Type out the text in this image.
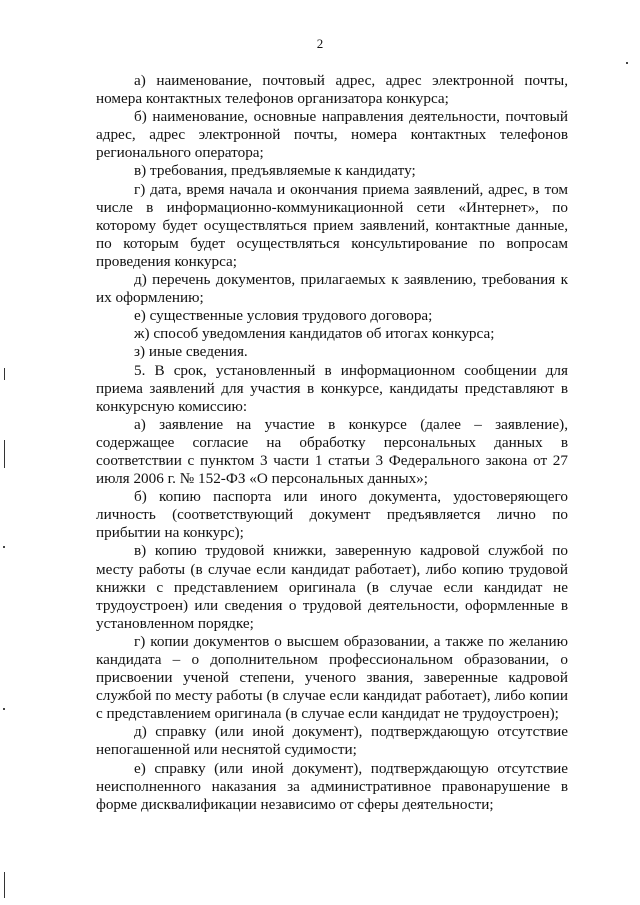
2

а) наименование, почтовый адрес, адрес электронной почты, номера контактных телефонов организатора конкурса;

б) наименование, основные направления деятельности, почтовый адрес, адрес электронной почты, номера контактных телефонов регионального оператора;

в) требования, предъявляемые к кандидату;

г) дата, время начала и окончания приема заявлений, адрес, в том числе в информационно-коммуникационной сети «Интернет», по которому будет осуществляться прием заявлений, контактные данные, по которым будет осуществляться консультирование по вопросам проведения конкурса;

д) перечень документов, прилагаемых к заявлению, требования к их оформлению;

е) существенные условия трудового договора;

ж) способ уведомления кандидатов об итогах конкурса;

з) иные сведения.

5. В срок, установленный в информационном сообщении для приема заявлений для участия в конкурсе, кандидаты представляют в конкурсную комиссию:

а) заявление на участие в конкурсе (далее – заявление), содержащее согласие на обработку персональных данных в соответствии с пунктом 3 части 1 статьи 3 Федерального закона от 27 июля 2006 г. № 152-ФЗ «О персональных данных»;

б) копию паспорта или иного документа, удостоверяющего личность (соответствующий документ предъявляется лично по прибытии на конкурс);

в) копию трудовой книжки, заверенную кадровой службой по месту работы (в случае если кандидат работает), либо копию трудовой книжки с представлением оригинала (в случае если кандидат не трудоустроен) или сведения о трудовой деятельности, оформленные в установленном порядке;

г) копии документов о высшем образовании, а также по желанию кандидата – о дополнительном профессиональном образовании, о присвоении ученой степени, ученого звания, заверенные кадровой службой по месту работы (в случае если кандидат работает), либо копии с представлением оригинала (в случае если кандидат не трудоустроен);

д) справку (или иной документ), подтверждающую отсутствие непогашенной или неснятой судимости;

е) справку (или иной документ), подтверждающую отсутствие неисполненного наказания за административное правонарушение в форме дисквалификации независимо от сферы деятельности;
